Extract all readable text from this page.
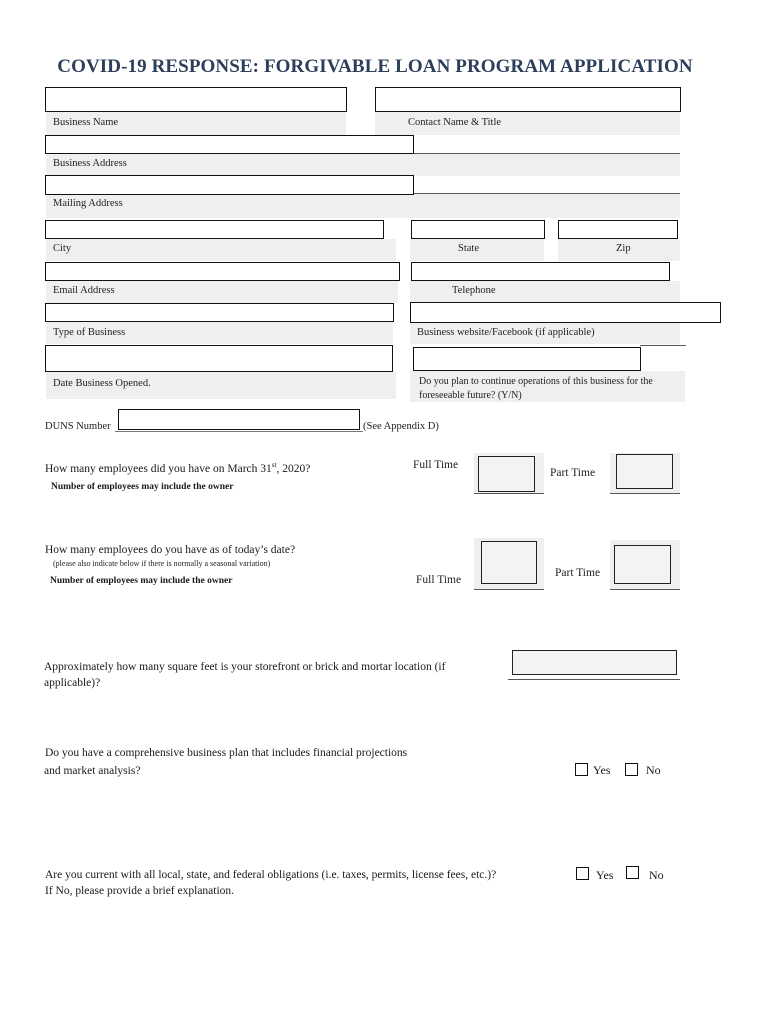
COVID-19 RESPONSE: FORGIVABLE LOAN PROGRAM APPLICATION
Business Name	Contact Name & Title
Business Address
Mailing Address
City	State	Zip
Email Address	Telephone
Type of Business	Business website/Facebook (if applicable)
Date Business Opened.	Do you plan to continue operations of this business for the
foreseeable future? (Y/N)
DUNS Number	(See Appendix D)
How many employees did you have on March 31st, 2020?
Number of employees may include the owner
Full Time
Part Time
How many employees do you have as of today’s date?
(please also indicate below if there is normally a seasonal variation)
Number of employees may include the owner	Full Time
Part Time
Approximately how many square feet is your storefront or brick and mortar location (if
applicable)?
Do you have a comprehensive business plan that includes financial projections
and market analysis?	Yes	No
Are you current with all local, state, and federal obligations (i.e. taxes, permits, license fees, etc.)?
If No, please provide a brief explanation.
Yes	No
